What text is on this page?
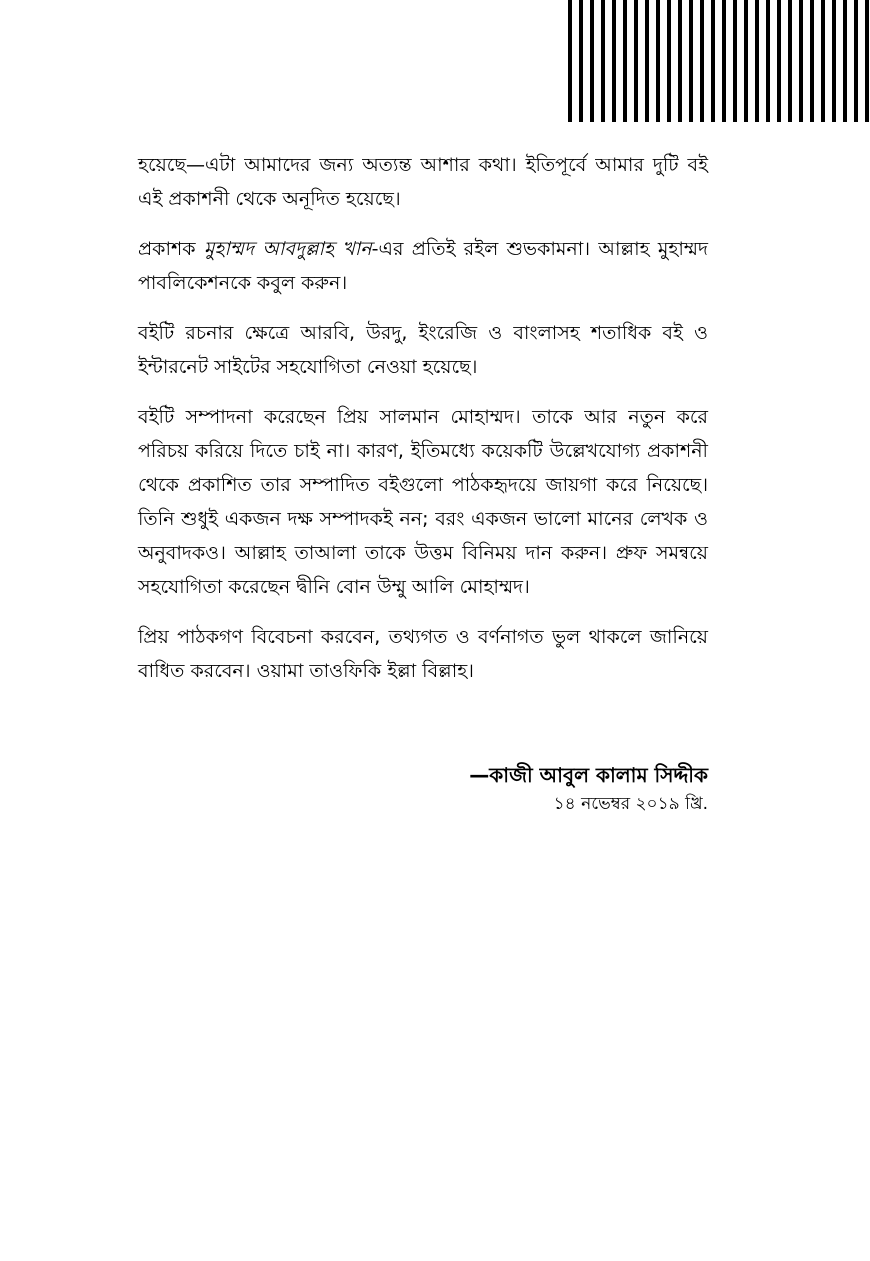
হয়েছে—এটা আমাদের জন্য অত্যন্ত আশার কথা। ইতিপূর্বে আমার দুটি বই এই প্রকাশনী থেকে অনূদিত হয়েছে।

প্রকাশক মুহাম্মদ আবদুল্লাহ খান-এর প্রতিই রইল শুভকামনা। আল্লাহ মুহাম্মদ পাবলিকেশনকে কবুল করুন।

বইটি রচনার ক্ষেত্রে আরবি, উরদু, ইংরেজি ও বাংলাসহ শতাধিক বই ও ইন্টারনেট সাইটের সহযোগিতা নেওয়া হয়েছে।

বইটি সম্পাদনা করেছেন প্রিয় সালমান মোহাম্মদ। তাকে আর নতুন করে পরিচয় করিয়ে দিতে চাই না। কারণ, ইতিমধ্যে কয়েকটি উল্লেখযোগ্য প্রকাশনী থেকে প্রকাশিত তার সম্পাদিত বইগুলো পাঠকহৃদয়ে জায়গা করে নিয়েছে। তিনি শুধুই একজন দক্ষ সম্পাদকই নন; বরং একজন ভালো মানের লেখক ও অনুবাদকও। আল্লাহ তাআলা তাকে উত্তম বিনিময় দান করুন। প্রুফ সমন্বয়ে সহযোগিতা করেছেন দ্বীনি বোন উম্মু আলি মোহাম্মদ।

প্রিয় পাঠকগণ বিবেচনা করবেন, তথ্যগত ও বর্ণনাগত ভুল থাকলে জানিয়ে বাধিত করবেন। ওয়ামা তাওফিকি ইল্লা বিল্লাহ।

—কাজী আবুল কালাম সিদ্দীক
১৪ নভেম্বর ২০১৯ খ্রি.
